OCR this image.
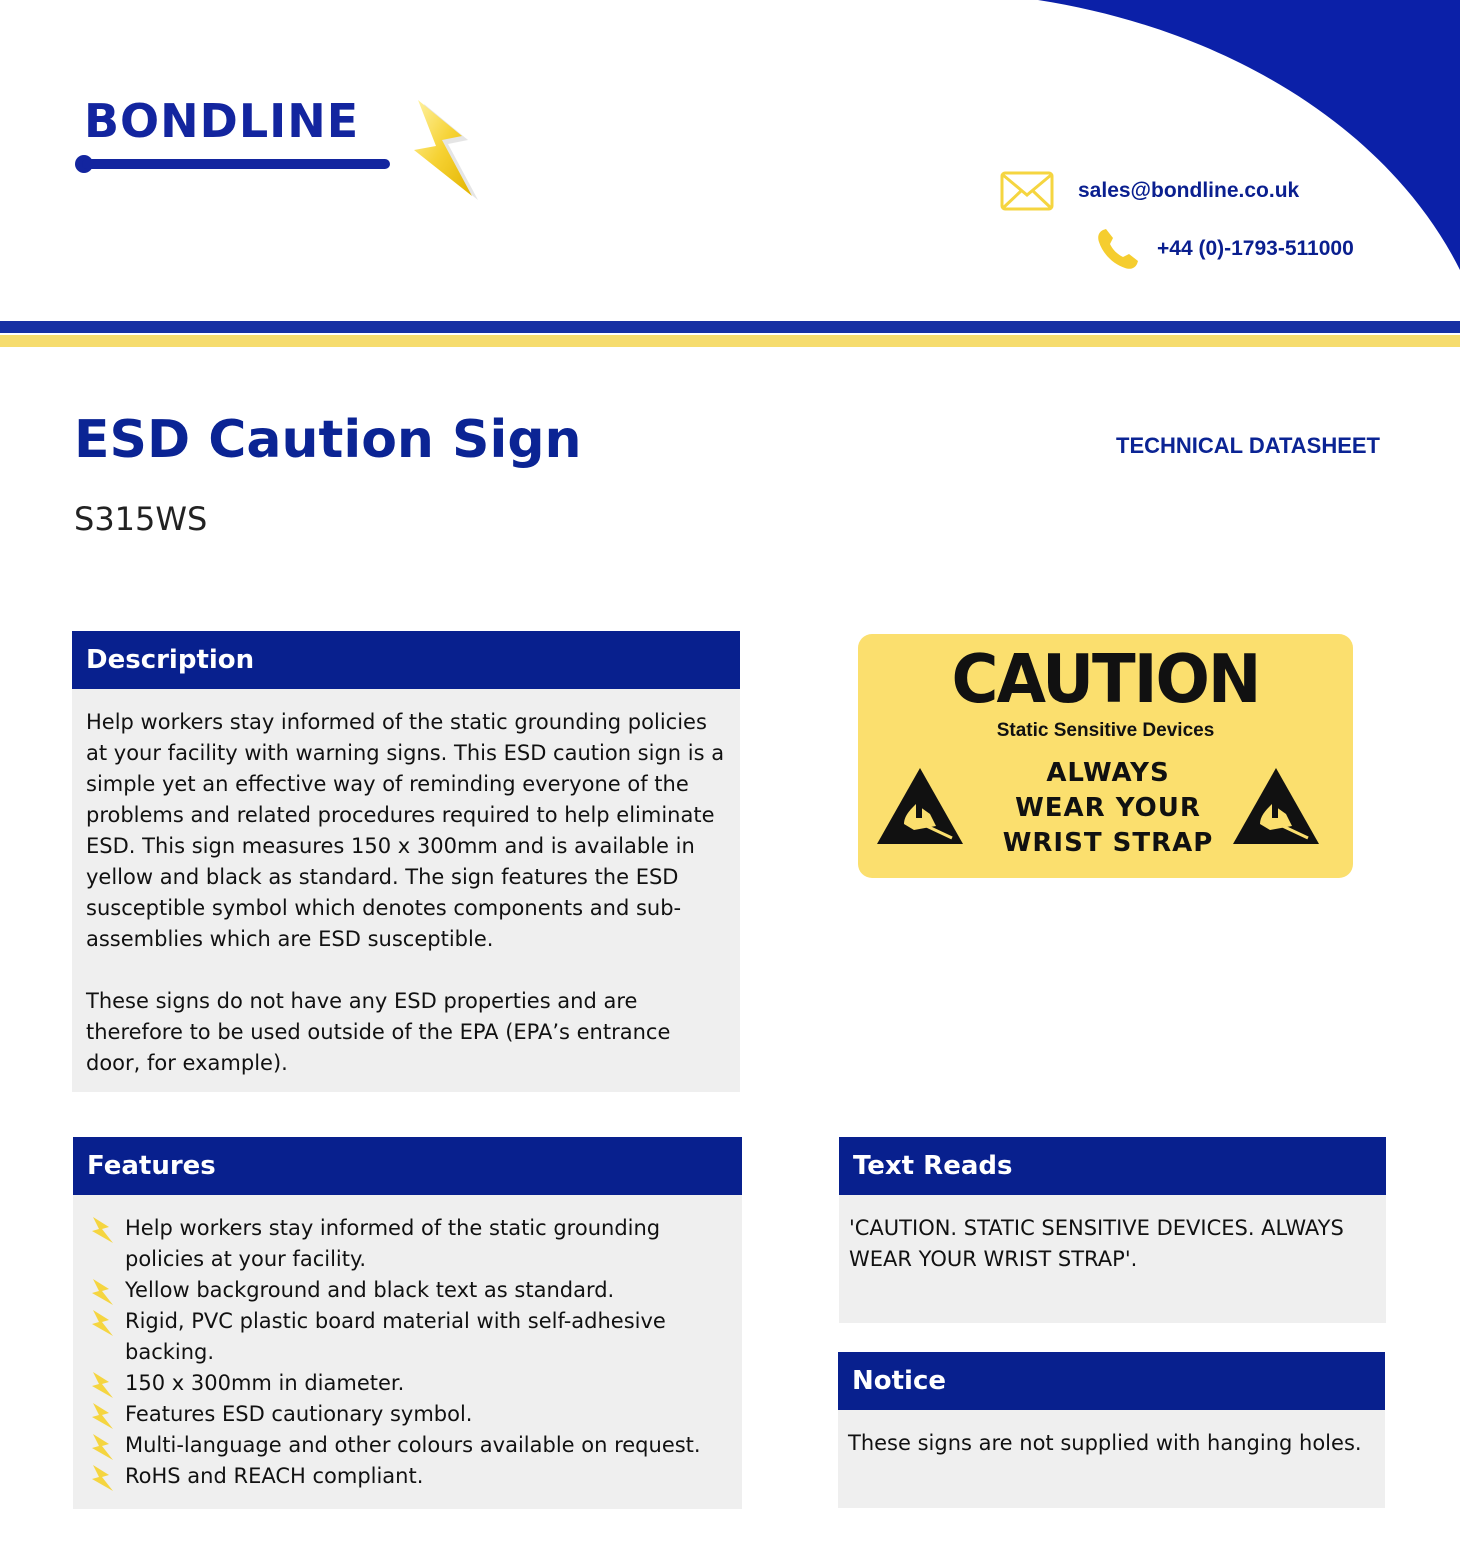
BONDLINE
sales@bondline.co.uk
+44 (0)-1793-511000
ESD Caution Sign
S315WS
TECHNICAL DATASHEET
Description

Help workers stay informed of the static grounding policies at your facility with warning signs. This ESD caution sign is a simple yet an effective way of reminding everyone of the problems and related procedures required to help eliminate ESD. This sign measures 150 x 300mm and is available in yellow and black as standard. The sign features the ESD susceptible symbol which denotes components and sub-assemblies which are ESD susceptible.

These signs do not have any ESD properties and are therefore to be used outside of the EPA (EPA’s entrance door, for example).

CAUTION
Static Sensitive Devices
ALWAYS
WEAR YOUR
WRIST STRAP
Features
Help workers stay informed of the static grounding policies at your facility.
Yellow background and black text as standard.
Rigid, PVC plastic board material with self-adhesive backing.
150 x 300mm in diameter.
Features ESD cautionary symbol.
Multi-language and other colours available on request.
RoHS and REACH compliant.
Text Reads
'CAUTION. STATIC SENSITIVE DEVICES. ALWAYS WEAR YOUR WRIST STRAP'.
Notice
These signs are not supplied with hanging holes.
